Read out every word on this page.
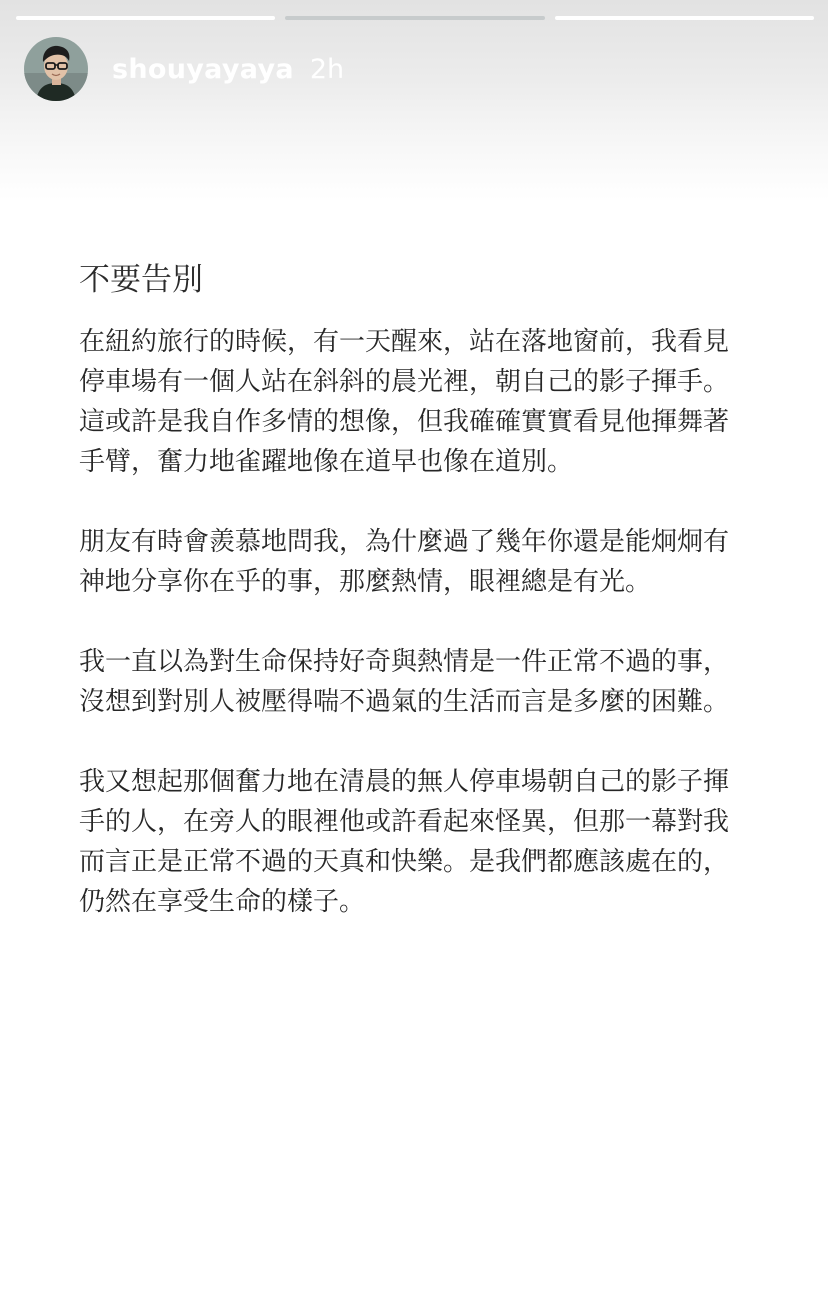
shouyayaya 2h
不要告別

在紐約旅行的時候，有一天醒來，站在落地窗前，我看見
停車場有一個人站在斜斜的晨光裡，朝自己的影子揮手。
這或許是我自作多情的想像，但我確確實實看見他揮舞著
手臂，奮力地雀躍地像在道早也像在道別。

朋友有時會羨慕地問我，為什麼過了幾年你還是能炯炯有
神地分享你在乎的事，那麼熱情，眼裡總是有光。

我一直以為對生命保持好奇與熱情是一件正常不過的事，
沒想到對別人被壓得喘不過氣的生活而言是多麼的困難。

我又想起那個奮力地在清晨的無人停車場朝自己的影子揮
手的人，在旁人的眼裡他或許看起來怪異，但那一幕對我
而言正是正常不過的天真和快樂。是我們都應該處在的，
仍然在享受生命的樣子。
